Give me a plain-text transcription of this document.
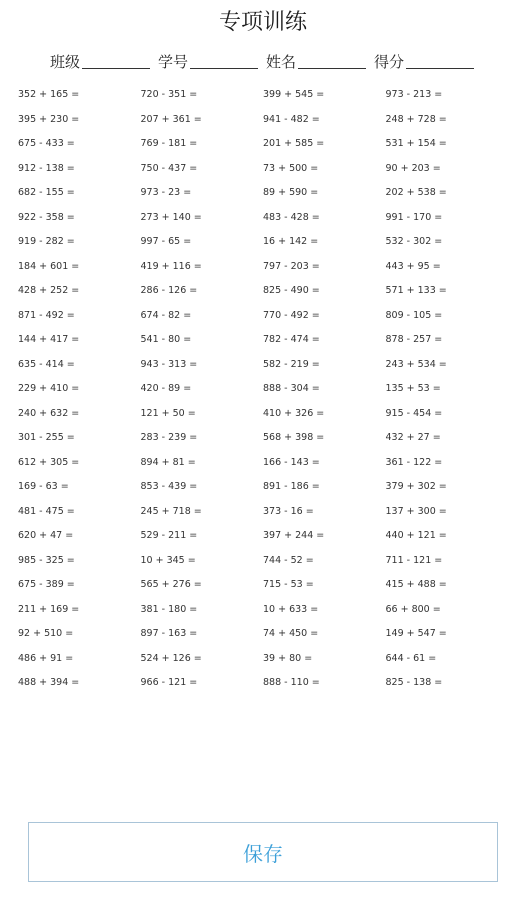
专项训练
班级	学号	姓名	得分
352 + 165 =	720 - 351 =	399 + 545 =	973 - 213 =
395 + 230 =	207 + 361 =	941 - 482 =	248 + 728 =
675 - 433 =	769 - 181 =	201 + 585 =	531 + 154 =
912 - 138 =	750 - 437 =	73 + 500 =	90 + 203 =
682 - 155 =	973 - 23 =	89 + 590 =	202 + 538 =
922 - 358 =	273 + 140 =	483 - 428 =	991 - 170 =
919 - 282 =	997 - 65 =	16 + 142 =	532 - 302 =
184 + 601 =	419 + 116 =	797 - 203 =	443 + 95 =
428 + 252 =	286 - 126 =	825 - 490 =	571 + 133 =
871 - 492 =	674 - 82 =	770 - 492 =	809 - 105 =
144 + 417 =	541 - 80 =	782 - 474 =	878 - 257 =
635 - 414 =	943 - 313 =	582 - 219 =	243 + 534 =
229 + 410 =	420 - 89 =	888 - 304 =	135 + 53 =
240 + 632 =	121 + 50 =	410 + 326 =	915 - 454 =
301 - 255 =	283 - 239 =	568 + 398 =	432 + 27 =
612 + 305 =	894 + 81 =	166 - 143 =	361 - 122 =
169 - 63 =	853 - 439 =	891 - 186 =	379 + 302 =
481 - 475 =	245 + 718 =	373 - 16 =	137 + 300 =
620 + 47 =	529 - 211 =	397 + 244 =	440 + 121 =
985 - 325 =	10 + 345 =	744 - 52 =	711 - 121 =
675 - 389 =	565 + 276 =	715 - 53 =	415 + 488 =
211 + 169 =	381 - 180 =	10 + 633 =	66 + 800 =
92 + 510 =	897 - 163 =	74 + 450 =	149 + 547 =
486 + 91 =	524 + 126 =	39 + 80 =	644 - 61 =
488 + 394 =	966 - 121 =	888 - 110 =	825 - 138 =
保存
